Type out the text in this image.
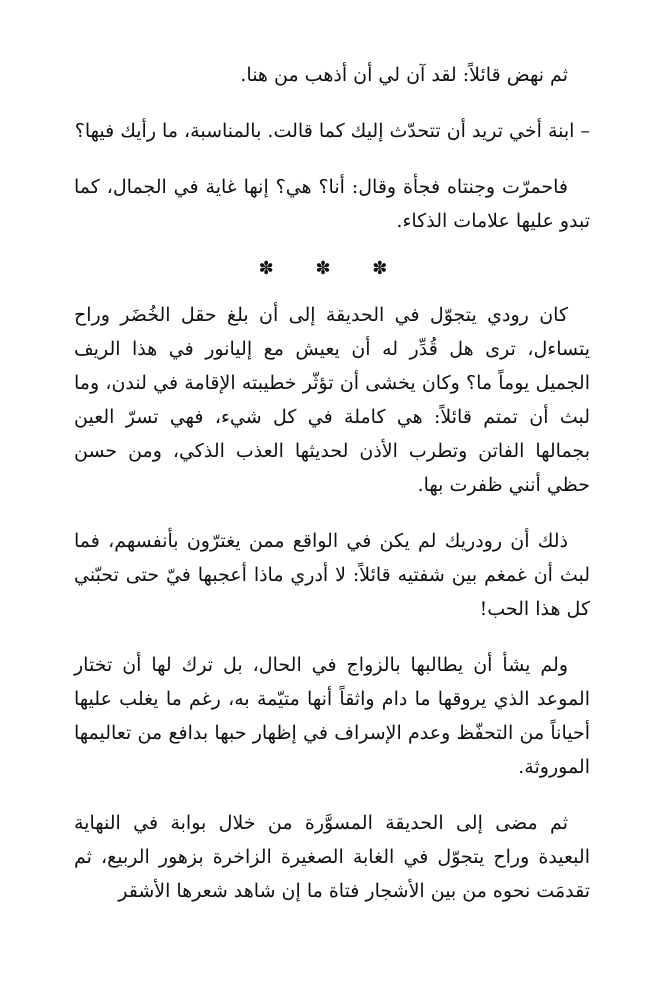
ثم نهض قائلاً: لقد آن لي أن أذهب من هنا.

– ابنة أخي تريد أن تتحدّث إليك كما قالت. بالمناسبة، ما رأيك فيها؟

فاحمرّت وجنتاه فجأة وقال: أنا؟ هي؟ إنها غاية في الجمال، كما تبدو عليها علامات الذكاء.

✽ ✽ ✽

كان رودي يتجوّل في الحديقة إلى أن بلغ حقل الخُضَر وراح يتساءل، ترى هل قُدِّر له أن يعيش مع إليانور في هذا الريف الجميل يوماً ما؟ وكان يخشى أن تؤثّر خطيبته الإقامة في لندن، وما لبث أن تمتم قائلاً: هي كاملة في كل شيء، فهي تسرّ العين بجمالها الفاتن وتطرب الأذن لحديثها العذب الذكي، ومن حسن حظي أنني ظفرت بها.

ذلك أن رودريك لم يكن في الواقع ممن يغترّون بأنفسهم، فما لبث أن غمغم بين شفتيه قائلاً: لا أدري ماذا أعجبها فيّ حتى تحبّني كل هذا الحب!

ولم يشأ أن يطالبها بالزواج في الحال، بل ترك لها أن تختار الموعد الذي يروقها ما دام واثقاً أنها متيّمة به، رغم ما يغلب عليها أحياناً من التحفّظ وعدم الإسراف في إظهار حبها بدافع من تعاليمها الموروثة.

ثم مضى إلى الحديقة المسوَّرة من خلال بوابة في النهاية البعيدة وراح يتجوّل في الغابة الصغيرة الزاخرة بزهور الربيع، ثم تقدمَت نحوه من بين الأشجار فتاة ما إن شاهد شعرها الأشقر
